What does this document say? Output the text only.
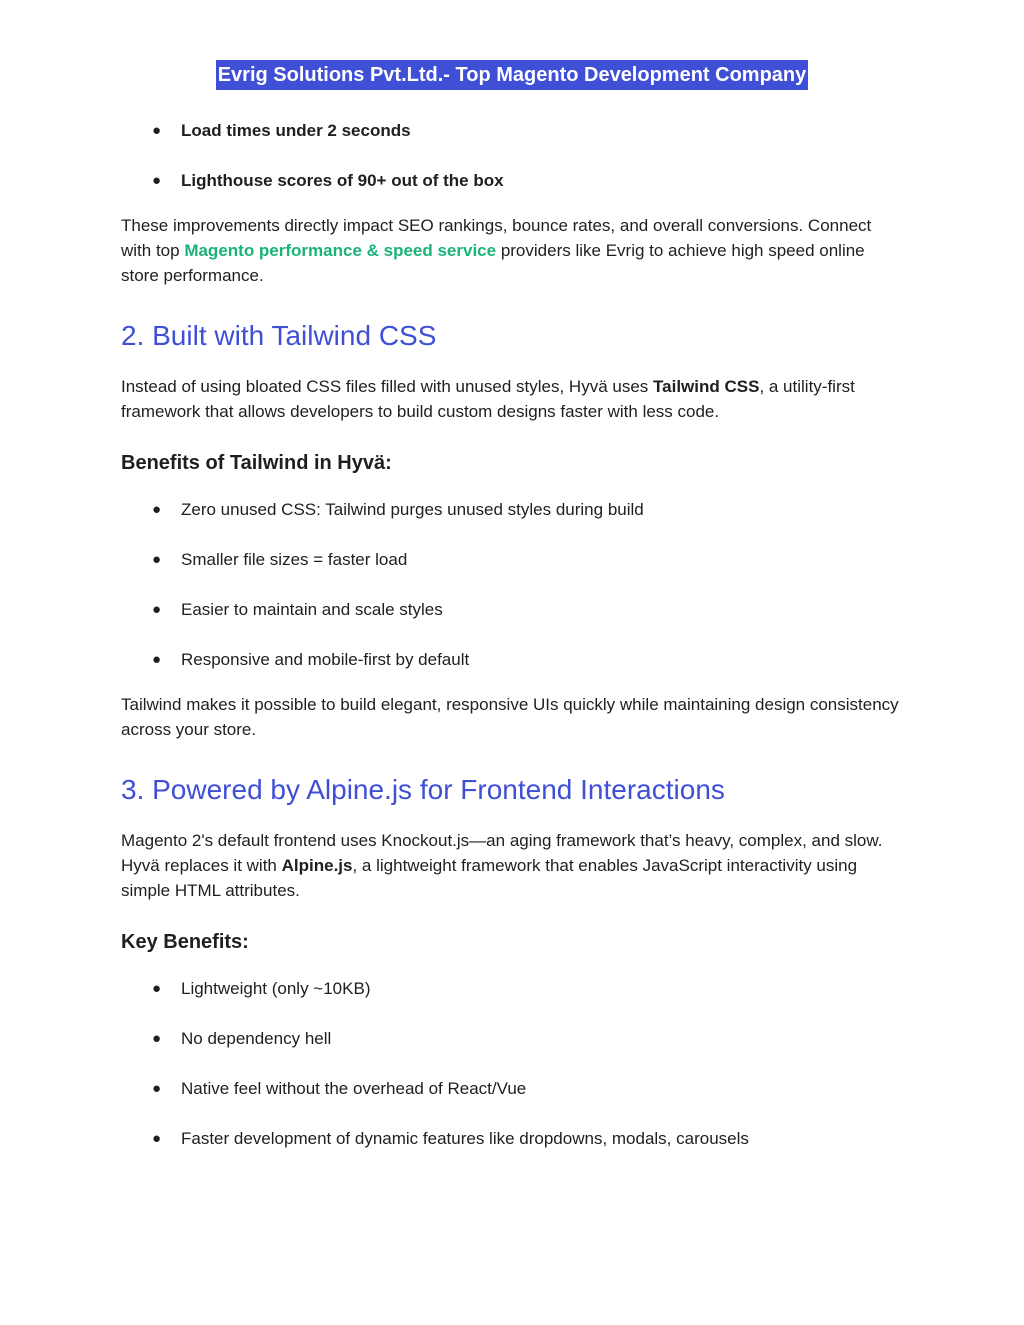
Evrig Solutions Pvt.Ltd.- Top Magento Development Company
● Load times under 2 seconds
● Lighthouse scores of 90+ out of the box

These improvements directly impact SEO rankings, bounce rates, and overall conversions. Connect with top Magento performance & speed service providers like Evrig to achieve high speed online store performance.

2. Built with Tailwind CSS

Instead of using bloated CSS files filled with unused styles, Hyvä uses Tailwind CSS, a utility-first framework that allows developers to build custom designs faster with less code.

Benefits of Tailwind in Hyvä:
● Zero unused CSS: Tailwind purges unused styles during build
● Smaller file sizes = faster load
● Easier to maintain and scale styles
● Responsive and mobile-first by default

Tailwind makes it possible to build elegant, responsive UIs quickly while maintaining design consistency across your store.

3. Powered by Alpine.js for Frontend Interactions

Magento 2's default frontend uses Knockout.js—an aging framework that’s heavy, complex, and slow. Hyvä replaces it with Alpine.js, a lightweight framework that enables JavaScript interactivity using simple HTML attributes.

Key Benefits:
● Lightweight (only ~10KB)
● No dependency hell
● Native feel without the overhead of React/Vue
● Faster development of dynamic features like dropdowns, modals, carousels
